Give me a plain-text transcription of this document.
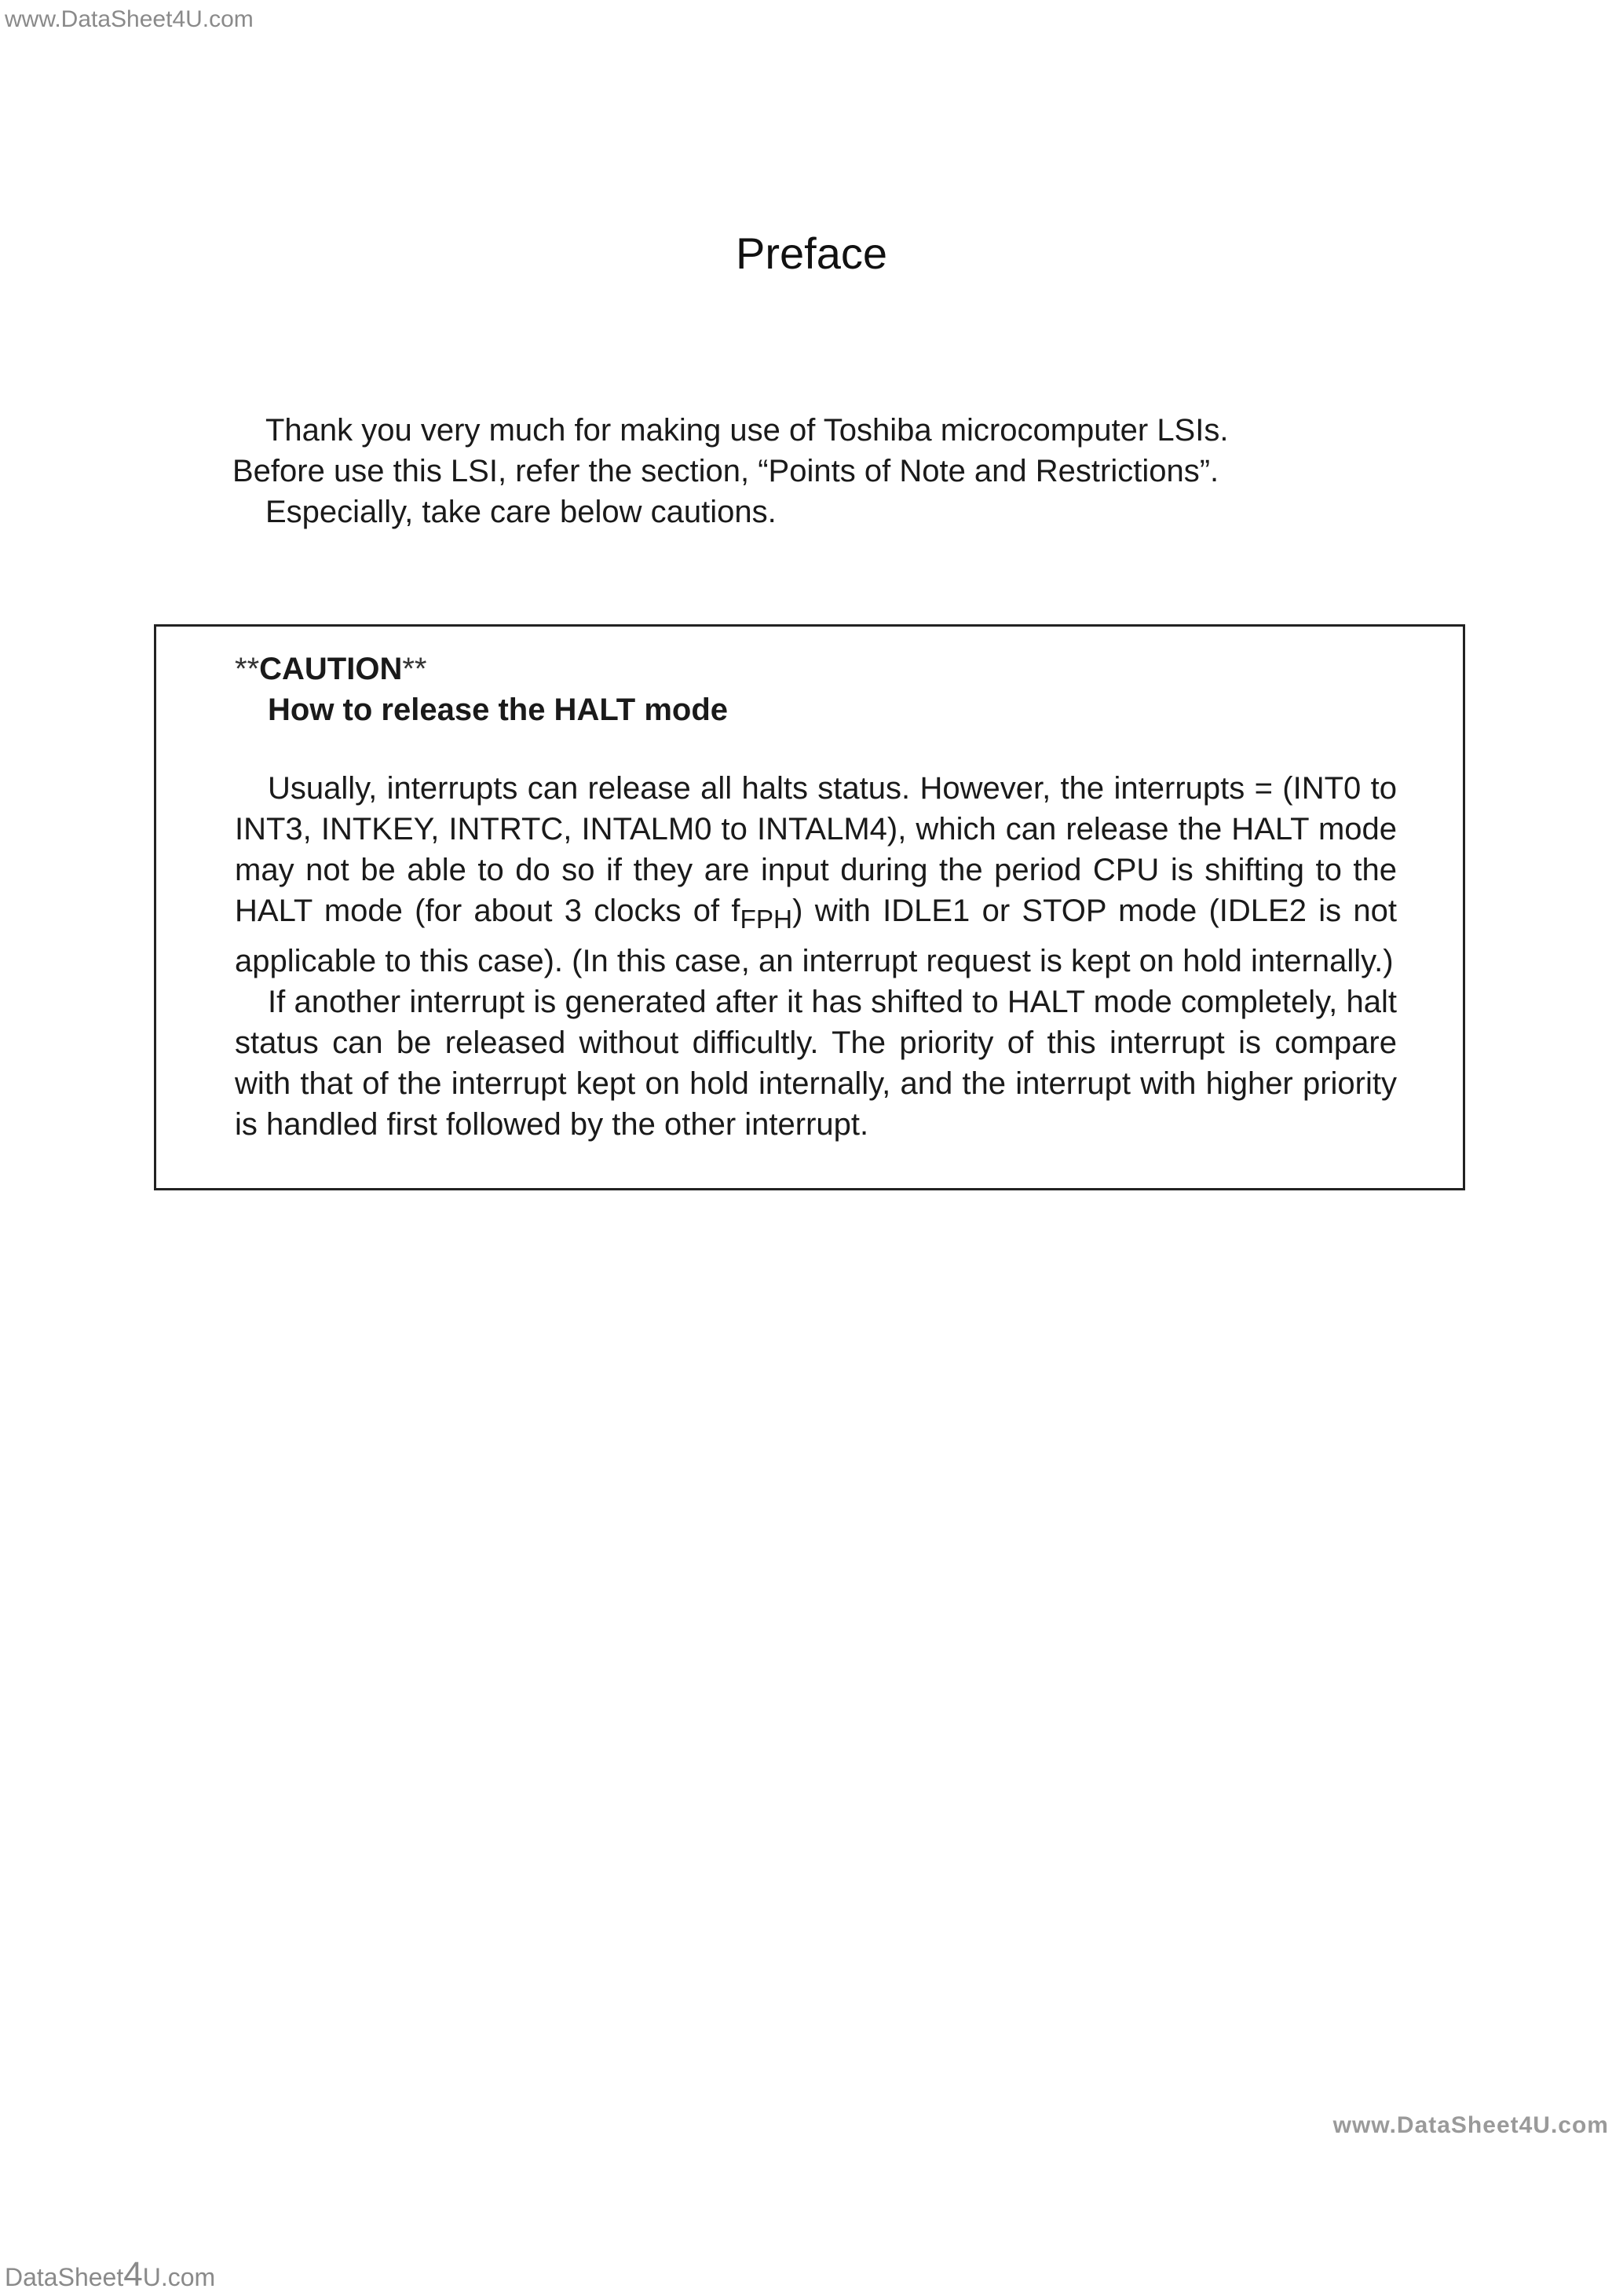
www.DataSheet4U.com
Preface

Thank you very much for making use of Toshiba microcomputer LSIs.

Before use this LSI, refer the section, “Points of Note and Restrictions”.

Especially, take care below cautions.

**CAUTION**

How to release the HALT mode

Usually, interrupts can release all halts status. However, the interrupts = (INT0 to INT3, INTKEY, INTRTC, INTALM0 to INTALM4), which can release the HALT mode may not be able to do so if they are input during the period CPU is shifting to the HALT mode (for about 3 clocks of $f_{FPH}$) with IDLE1 or STOP mode (IDLE2 is not applicable to this case). (In this case, an interrupt request is kept on hold internally.)

If another interrupt is generated after it has shifted to HALT mode completely, halt status can be released without difficultly. The priority of this interrupt is compare with that of the interrupt kept on hold internally, and the interrupt with higher priority is handled first followed by the other interrupt.

www.DataSheet4U.com
DataSheet4U.com
